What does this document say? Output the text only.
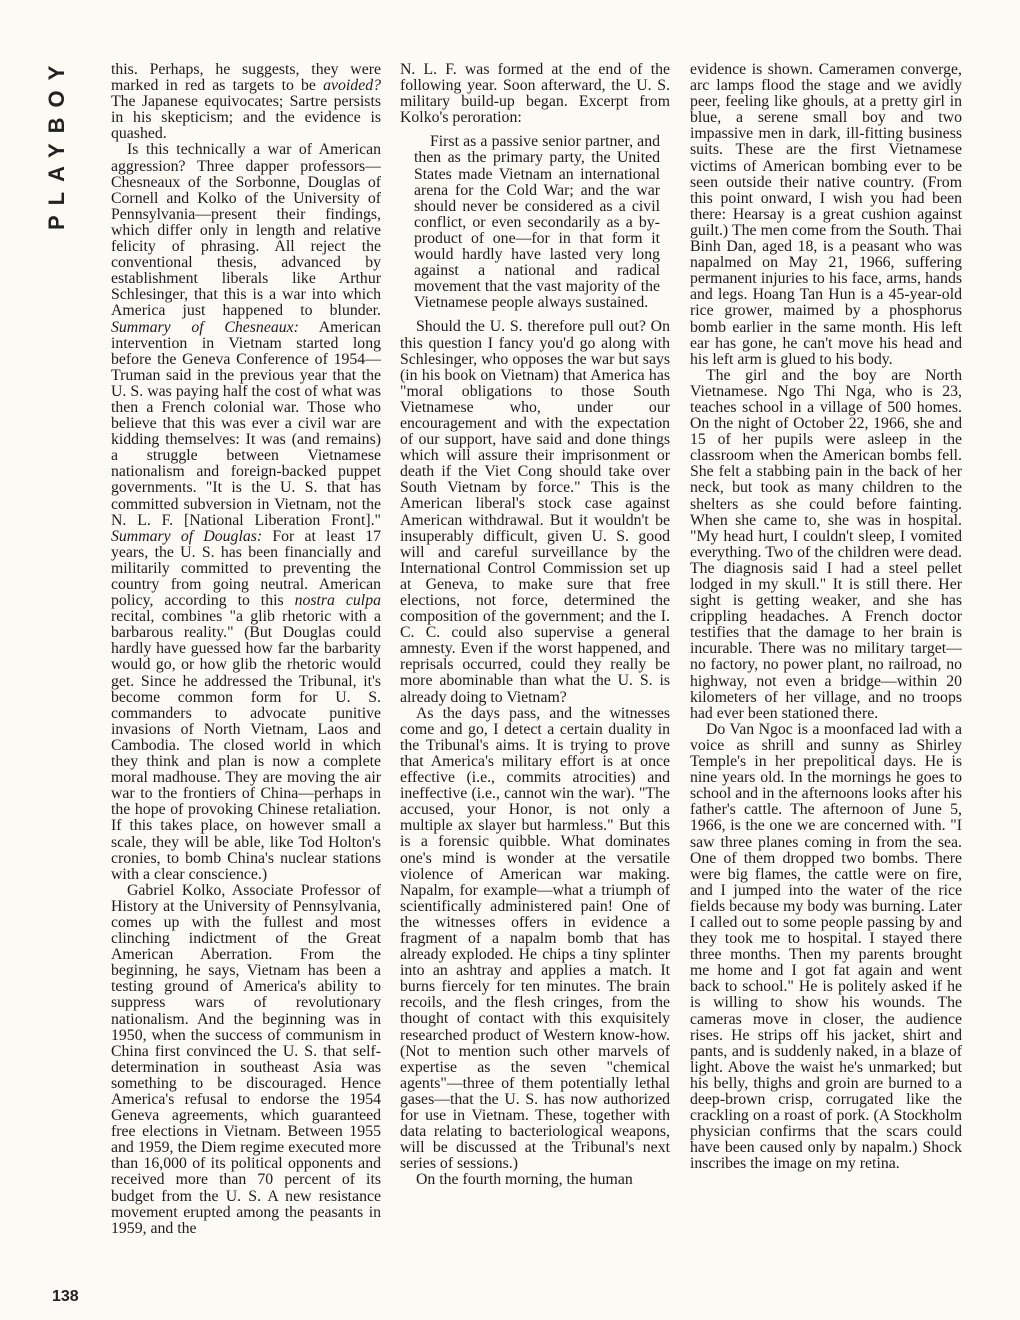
PLAYBOY
138

this. Perhaps, he suggests, they were marked in red as targets to be avoided? The Japanese equivocates; Sartre persists in his skepticism; and the evidence is quashed.

Is this technically a war of American aggression? Three dapper professors—Chesneaux of the Sorbonne, Douglas of Cornell and Kolko of the University of Pennsylvania—present their findings, which differ only in length and relative felicity of phrasing. All reject the conventional thesis, advanced by establishment liberals like Arthur Schlesinger, that this is a war into which America just happened to blunder. Summary of Chesneaux: American intervention in Vietnam started long before the Geneva Conference of 1954—Truman said in the previous year that the U. S. was paying half the cost of what was then a French colonial war. Those who believe that this was ever a civil war are kidding themselves: It was (and remains) a struggle between Vietnamese nationalism and foreign-backed puppet governments. "It is the U. S. that has committed subversion in Vietnam, not the N. L. F. [National Liberation Front]." Summary of Douglas: For at least 17 years, the U. S. has been financially and militarily committed to preventing the country from going neutral. American policy, according to this nostra culpa recital, combines "a glib rhetoric with a barbarous reality." (But Douglas could hardly have guessed how far the barbarity would go, or how glib the rhetoric would get. Since he addressed the Tribunal, it's become common form for U. S. commanders to advocate punitive invasions of North Vietnam, Laos and Cambodia. The closed world in which they think and plan is now a complete moral madhouse. They are moving the air war to the frontiers of China—perhaps in the hope of provoking Chinese retaliation. If this takes place, on however small a scale, they will be able, like Tod Holton's cronies, to bomb China's nuclear stations with a clear conscience.)

Gabriel Kolko, Associate Professor of History at the University of Pennsylvania, comes up with the fullest and most clinching indictment of the Great American Aberration. From the beginning, he says, Vietnam has been a testing ground of America's ability to suppress wars of revolutionary nationalism. And the beginning was in 1950, when the success of communism in China first convinced the U. S. that self-determination in southeast Asia was something to be discouraged. Hence America's refusal to endorse the 1954 Geneva agreements, which guaranteed free elections in Vietnam. Between 1955 and 1959, the Diem regime executed more than 16,000 of its political opponents and received more than 70 percent of its budget from the U. S. A new resistance movement erupted among the peasants in 1959, and the

N. L. F. was formed at the end of the following year. Soon afterward, the U. S. military build-up began. Excerpt from Kolko's peroration:

First as a passive senior partner, and then as the primary party, the United States made Vietnam an international arena for the Cold War; and the war should never be considered as a civil conflict, or even secondarily as a by-product of one—for in that form it would hardly have lasted very long against a national and radical movement that the vast majority of the Vietnamese people always sustained.

Should the U. S. therefore pull out? On this question I fancy you'd go along with Schlesinger, who opposes the war but says (in his book on Vietnam) that America has "moral obligations to those South Vietnamese who, under our encouragement and with the expectation of our support, have said and done things which will assure their imprisonment or death if the Viet Cong should take over South Vietnam by force." This is the American liberal's stock case against American withdrawal. But it wouldn't be insuperably difficult, given U. S. good will and careful surveillance by the International Control Commission set up at Geneva, to make sure that free elections, not force, determined the composition of the government; and the I. C. C. could also supervise a general amnesty. Even if the worst happened, and reprisals occurred, could they really be more abominable than what the U. S. is already doing to Vietnam?

As the days pass, and the witnesses come and go, I detect a certain duality in the Tribunal's aims. It is trying to prove that America's military effort is at once effective (i.e., commits atrocities) and ineffective (i.e., cannot win the war). "The accused, your Honor, is not only a multiple ax slayer but harmless." But this is a forensic quibble. What dominates one's mind is wonder at the versatile violence of American war making. Napalm, for example—what a triumph of scientifically administered pain! One of the witnesses offers in evidence a fragment of a napalm bomb that has already exploded. He chips a tiny splinter into an ashtray and applies a match. It burns fiercely for ten minutes. The brain recoils, and the flesh cringes, from the thought of contact with this exquisitely researched product of Western know-how. (Not to mention such other marvels of expertise as the seven "chemical agents"—three of them potentially lethal gases—that the U. S. has now authorized for use in Vietnam. These, together with data relating to bacteriological weapons, will be discussed at the Tribunal's next series of sessions.)

On the fourth morning, the human

evidence is shown. Cameramen converge, arc lamps flood the stage and we avidly peer, feeling like ghouls, at a pretty girl in blue, a serene small boy and two impassive men in dark, ill-fitting business suits. These are the first Vietnamese victims of American bombing ever to be seen outside their native country. (From this point onward, I wish you had been there: Hearsay is a great cushion against guilt.) The men come from the South. Thai Binh Dan, aged 18, is a peasant who was napalmed on May 21, 1966, suffering permanent injuries to his face, arms, hands and legs. Hoang Tan Hun is a 45-year-old rice grower, maimed by a phosphorus bomb earlier in the same month. His left ear has gone, he can't move his head and his left arm is glued to his body.

The girl and the boy are North Vietnamese. Ngo Thi Nga, who is 23, teaches school in a village of 500 homes. On the night of October 22, 1966, she and 15 of her pupils were asleep in the classroom when the American bombs fell. She felt a stabbing pain in the back of her neck, but took as many children to the shelters as she could before fainting. When she came to, she was in hospital. "My head hurt, I couldn't sleep, I vomited everything. Two of the children were dead. The diagnosis said I had a steel pellet lodged in my skull." It is still there. Her sight is getting weaker, and she has crippling headaches. A French doctor testifies that the damage to her brain is incurable. There was no military target—no factory, no power plant, no railroad, no highway, not even a bridge—within 20 kilometers of her village, and no troops had ever been stationed there.

Do Van Ngoc is a moonfaced lad with a voice as shrill and sunny as Shirley Temple's in her prepolitical days. He is nine years old. In the mornings he goes to school and in the afternoons looks after his father's cattle. The afternoon of June 5, 1966, is the one we are concerned with. "I saw three planes coming in from the sea. One of them dropped two bombs. There were big flames, the cattle were on fire, and I jumped into the water of the rice fields because my body was burning. Later I called out to some people passing by and they took me to hospital. I stayed there three months. Then my parents brought me home and I got fat again and went back to school." He is politely asked if he is willing to show his wounds. The cameras move in closer, the audience rises. He strips off his jacket, shirt and pants, and is suddenly naked, in a blaze of light. Above the waist he's unmarked; but his belly, thighs and groin are burned to a deep-brown crisp, corrugated like the crackling on a roast of pork. (A Stockholm physician confirms that the scars could have been caused only by napalm.) Shock inscribes the image on my retina.
